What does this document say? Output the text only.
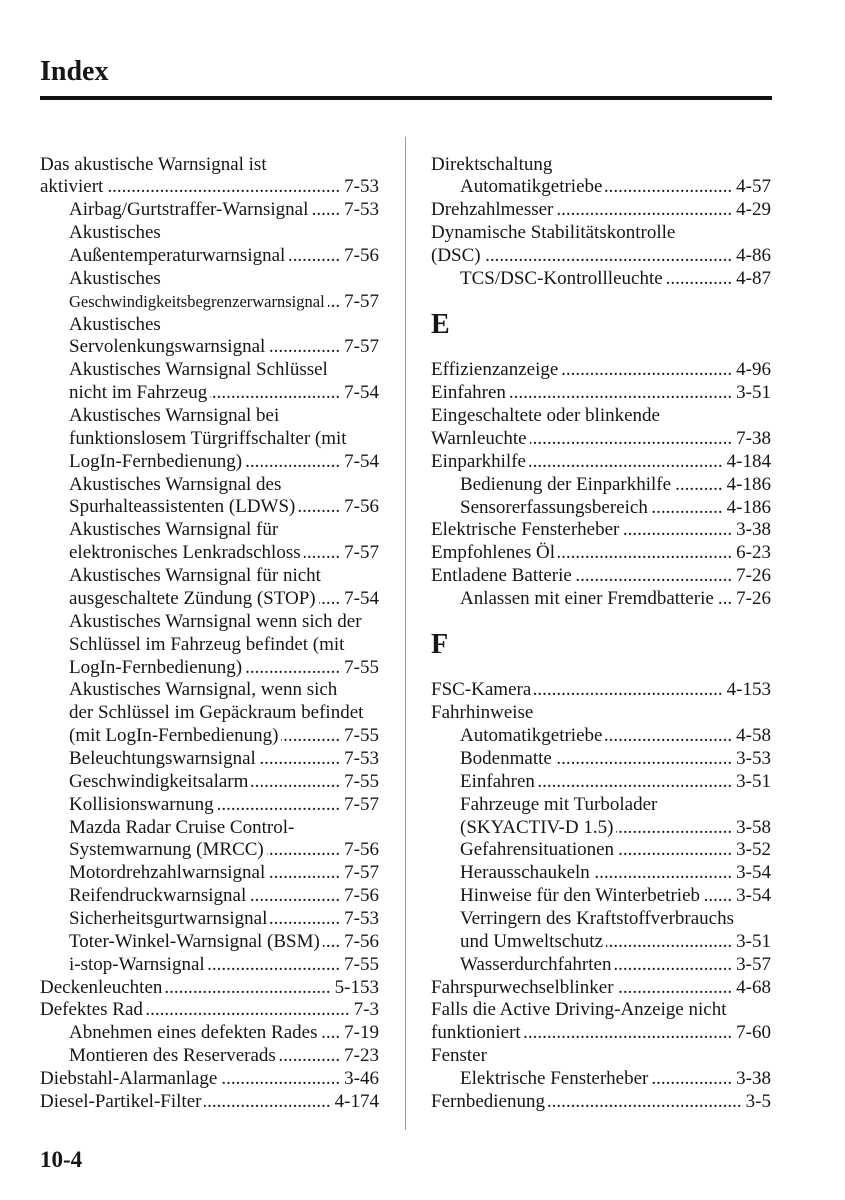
Index
Das akustische Warnsignal ist
aktiviert .....	7-53
Airbag/Gurtstraffer-Warnsignal ..... 7-53
Akustisches
Außentemperaturwarnsignal .....	7-56
Akustisches
Geschwindigkeitsbegrenzerwarnsignal ..... 7-57
Akustisches
Servolenkungswarnsignal .....	7-57
Akustisches Warnsignal Schlüssel
nicht im Fahrzeug .....	7-54
Akustisches Warnsignal bei
funktionslosem Türgriffschalter (mit
LogIn-Fernbedienung) .....	7-54
Akustisches Warnsignal des
Spurhalteassistenten (LDWS) .....	7-56
Akustisches Warnsignal für
elektronisches Lenkradschloss ..... 7-57
Akustisches Warnsignal für nicht
ausgeschaltete Zündung (STOP) ..... 7-54
Akustisches Warnsignal wenn sich der
Schlüssel im Fahrzeug befindet (mit
LogIn-Fernbedienung) .....	7-55
Akustisches Warnsignal, wenn sich
der Schlüssel im Gepäckraum befindet
(mit LogIn-Fernbedienung) .....	7-55
Beleuchtungswarnsignal .....	7-53
Geschwindigkeitsalarm .....	7-55
Kollisionswarnung .....	7-57
Mazda Radar Cruise Control-
Systemwarnung (MRCC) .....	7-56
Motordrehzahlwarnsignal .....	7-57
Reifendruckwarnsignal .....	7-56
Sicherheitsgurtwarnsignal .....	7-53
Toter-Winkel-Warnsignal (BSM) ..... 7-56
i-stop-Warnsignal .....	7-55
Deckenleuchten .....	5-153
Defektes Rad .....	7-3
Abnehmen eines defekten Rades ..... 7-19
Montieren des Reserverads .....	7-23
Diebstahl-Alarmanlage .....	3-46
Diesel-Partikel-Filter .....	4-174
Direktschaltung
Automatikgetriebe .....	4-57
Drehzahlmesser .....	4-29
Dynamische Stabilitätskontrolle
(DSC) .....	4-86
TCS/DSC-Kontrollleuchte .....	4-87
E
Effizienzanzeige .....	4-96
Einfahren .....	3-51
Eingeschaltete oder blinkende
Warnleuchte .....	7-38
Einparkhilfe .....	4-184
Bedienung der Einparkhilfe .....	4-186
Sensorerfassungsbereich .....	4-186
Elektrische Fensterheber .....	3-38
Empfohlenes Öl .....	6-23
Entladene Batterie .....	7-26
Anlassen mit einer Fremdbatterie ..... 7-26
F
FSC-Kamera .....	4-153
Fahrhinweise
Automatikgetriebe .....	4-58
Bodenmatte .....	3-53
Einfahren .....	3-51
Fahrzeuge mit Turbolader
(SKYACTIV-D 1.5) .....	3-58
Gefahrensituationen .....	3-52
Herausschaukeln .....	3-54
Hinweise für den Winterbetrieb ..... 3-54
Verringern des Kraftstoffverbrauchs
und Umweltschutz .....	3-51
Wasserdurchfahrten .....	3-57
Fahrspurwechselblinker .....	4-68
Falls die Active Driving-Anzeige nicht
funktioniert .....	7-60
Fenster
Elektrische Fensterheber .....	3-38
Fernbedienung .....	3-5
10-4
